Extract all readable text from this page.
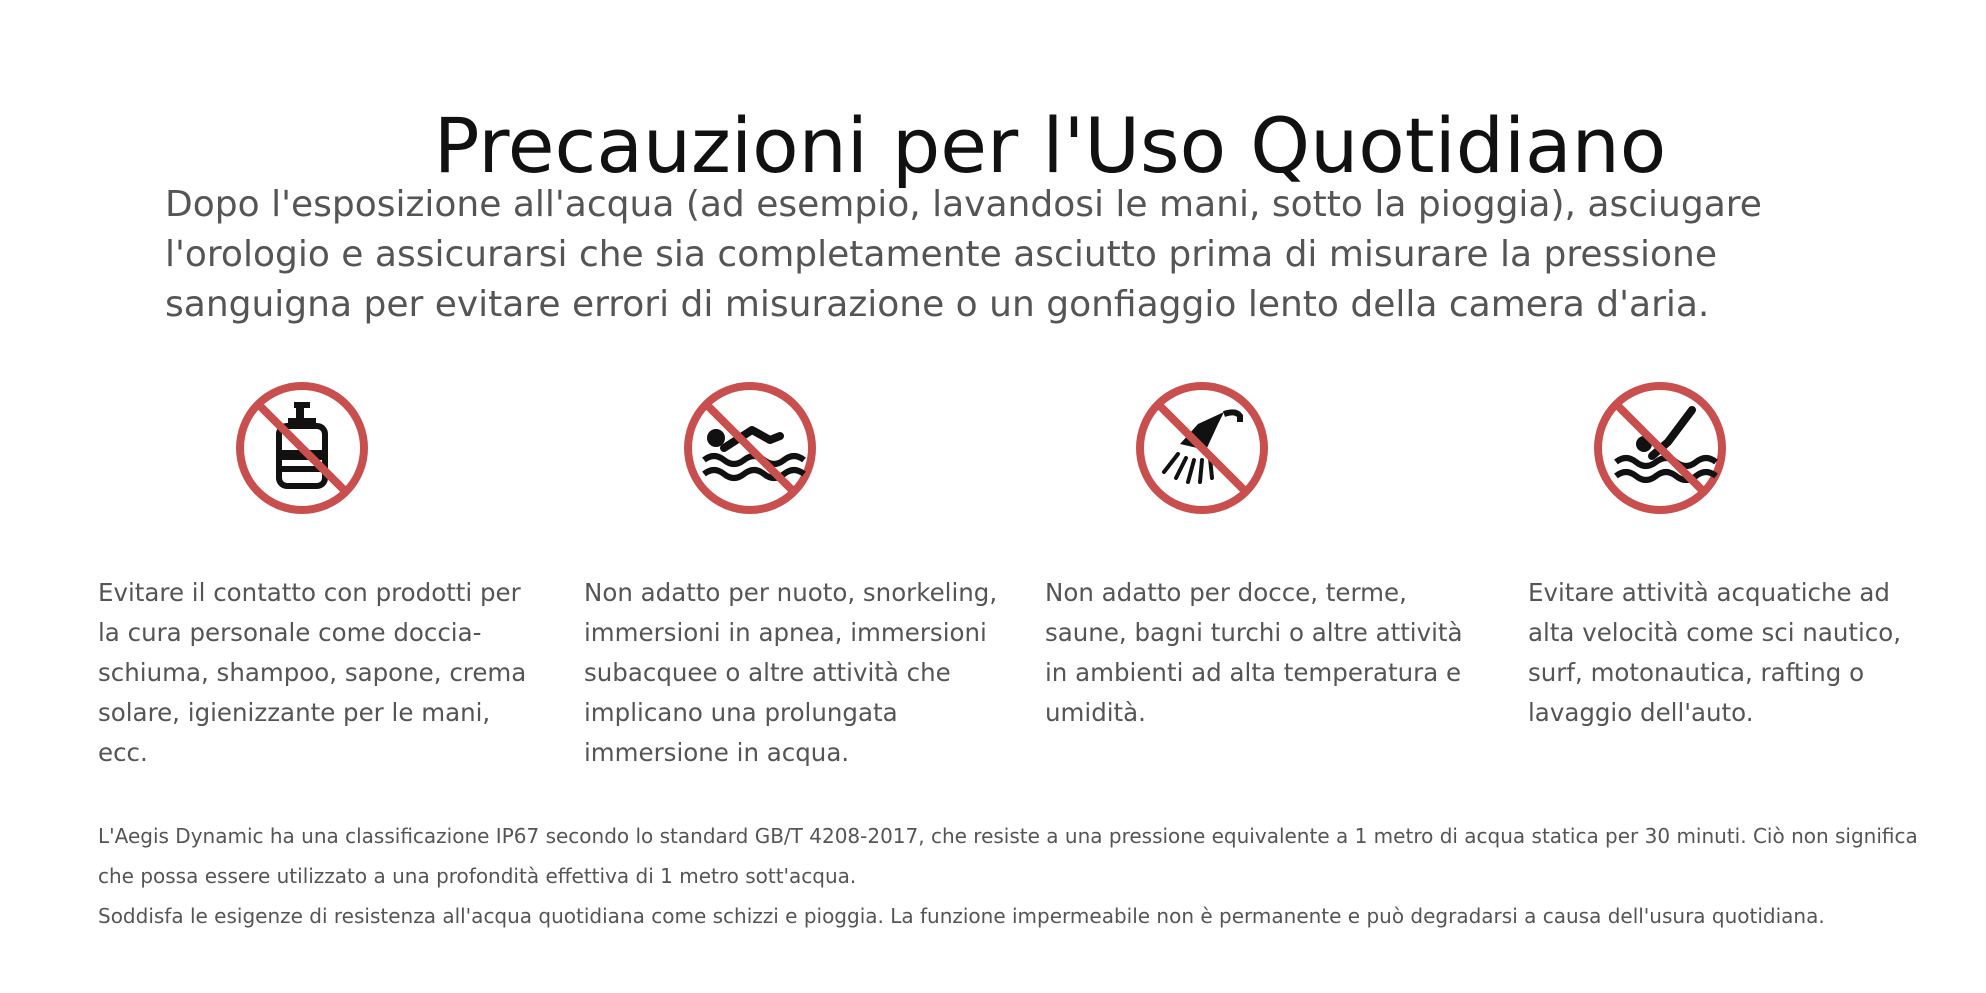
Precauzioni per l'Uso Quotidiano

Dopo l'esposizione all'acqua (ad esempio, lavandosi le mani, sotto la pioggia), asciugare l'orologio e assicurarsi che sia completamente asciutto prima di misurare la pressione sanguigna per evitare errori di misurazione o un gonfiaggio lento della camera d'aria.

Evitare il contatto con prodotti per la cura personale come doccia-schiuma, shampoo, sapone, crema solare, igienizzante per le mani, ecc.

Non adatto per nuoto, snorkeling, immersioni in apnea, immersioni subacquee o altre attività che implicano una prolungata immersione in acqua.

Non adatto per docce, terme, saune, bagni turchi o altre attività in ambienti ad alta temperatura e umidità.

Evitare attività acquatiche ad alta velocità come sci nautico, surf, motonautica, rafting o lavaggio dell'auto.

L'Aegis Dynamic ha una classificazione IP67 secondo lo standard GB/T 4208-2017, che resiste a una pressione equivalente a 1 metro di acqua statica per 30 minuti. Ciò non significa che possa essere utilizzato a una profondità effettiva di 1 metro sott'acqua.

Soddisfa le esigenze di resistenza all'acqua quotidiana come schizzi e pioggia. La funzione impermeabile non è permanente e può degradarsi a causa dell'usura quotidiana.
